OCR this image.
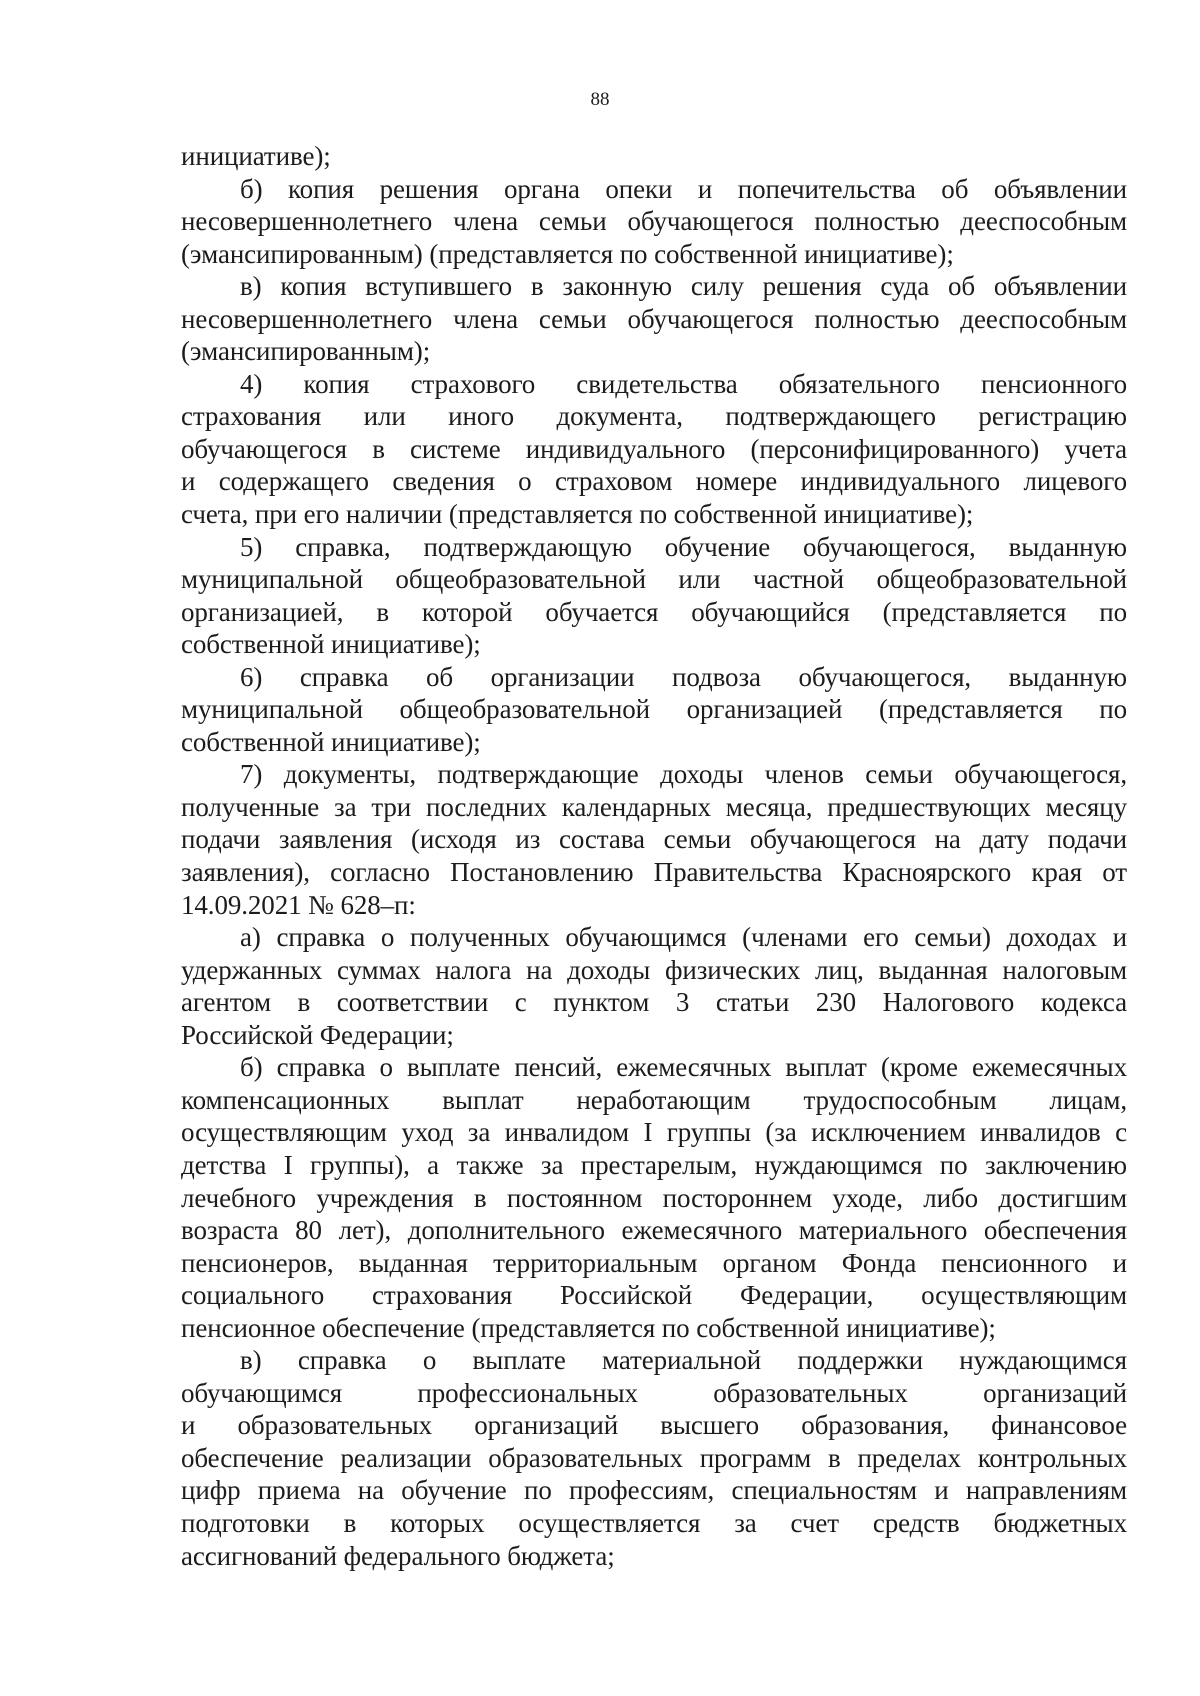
88
инициативе);
б) копия решения органа опеки и попечительства об объявлении
несовершеннолетнего члена семьи обучающегося полностью дееспособным
(эмансипированным) (представляется по собственной инициативе);
в) копия вступившего в законную силу решения суда об объявлении
несовершеннолетнего члена семьи обучающегося полностью дееспособным
(эмансипированным);
4) копия страхового свидетельства обязательного пенсионного
страхования или иного документа, подтверждающего регистрацию
обучающегося в системе индивидуального (персонифицированного) учета
и содержащего сведения о страховом номере индивидуального лицевого
счета, при его наличии (представляется по собственной инициативе);
5) справка, подтверждающую обучение обучающегося, выданную
муниципальной общеобразовательной или частной общеобразовательной
организацией, в которой обучается обучающийся (представляется по
собственной инициативе);
6) справка об организации подвоза обучающегося, выданную
муниципальной общеобразовательной организацией (представляется по
собственной инициативе);
7) документы, подтверждающие доходы членов семьи обучающегося,
полученные за три последних календарных месяца, предшествующих месяцу
подачи заявления (исходя из состава семьи обучающегося на дату подачи
заявления), согласно Постановлению Правительства Красноярского края от
14.09.2021 № 628–п:
а) справка о полученных обучающимся (членами его семьи) доходах и
удержанных суммах налога на доходы физических лиц, выданная налоговым
агентом в соответствии с пунктом 3 статьи 230 Налогового кодекса
Российской Федерации;
б) справка о выплате пенсий, ежемесячных выплат (кроме ежемесячных
компенсационных выплат неработающим трудоспособным лицам,
осуществляющим уход за инвалидом I группы (за исключением инвалидов с
детства I группы), а также за престарелым, нуждающимся по заключению
лечебного учреждения в постоянном постороннем уходе, либо достигшим
возраста 80 лет), дополнительного ежемесячного материального обеспечения
пенсионеров, выданная территориальным органом Фонда пенсионного и
социального страхования Российской Федерации, осуществляющим
пенсионное обеспечение (представляется по собственной инициативе);
в) справка о выплате материальной поддержки нуждающимся
обучающимся профессиональных образовательных организаций
и образовательных организаций высшего образования, финансовое
обеспечение реализации образовательных программ в пределах контрольных
цифр приема на обучение по профессиям, специальностям и направлениям
подготовки в которых осуществляется за счет средств бюджетных
ассигнований федерального бюджета;
